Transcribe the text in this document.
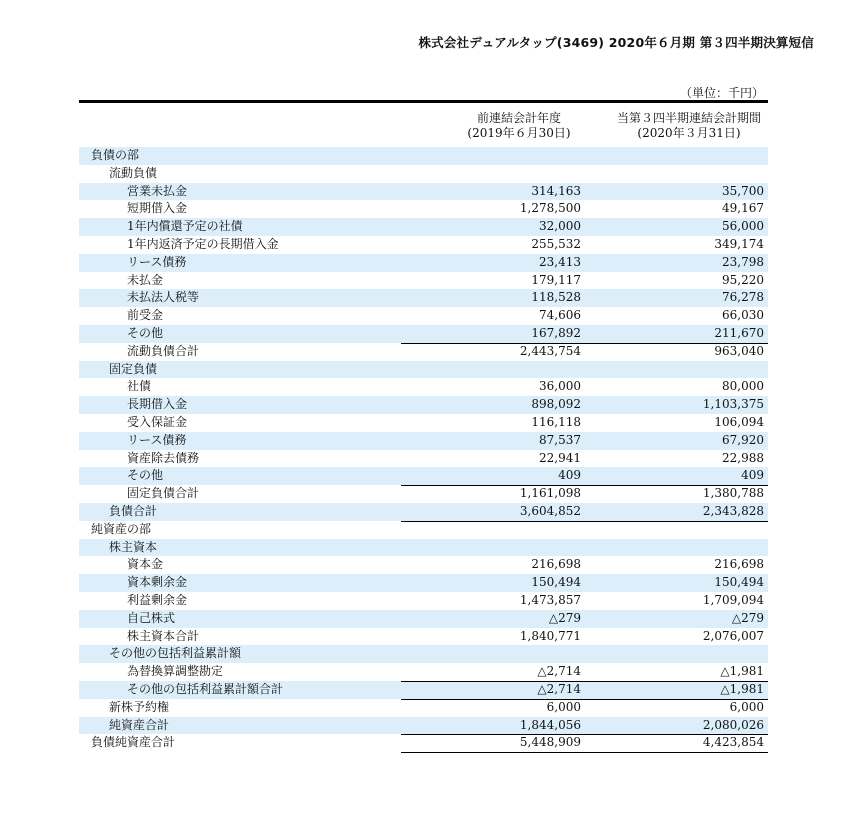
株式会社デュアルタップ(3469) 2020年６月期 第３四半期決算短信
（単位：千円）
前連結会計年度
(2019年６月30日)
当第３四半期連結会計期間
(2020年３月31日)
負債の部
流動負債
営業未払金	314,163	35,700
短期借入金	1,278,500	49,167
1年内償還予定の社債	32,000	56,000
1年内返済予定の長期借入金	255,532	349,174
リース債務	23,413	23,798
未払金	179,117	95,220
未払法人税等	118,528	76,278
前受金	74,606	66,030
その他	167,892	211,670
流動負債合計	2,443,754	963,040
固定負債
社債	36,000	80,000
長期借入金	898,092	1,103,375
受入保証金	116,118	106,094
リース債務	87,537	67,920
資産除去債務	22,941	22,988
その他	409	409
固定負債合計	1,161,098	1,380,788
負債合計	3,604,852	2,343,828
純資産の部
株主資本
資本金	216,698	216,698
資本剰余金	150,494	150,494
利益剰余金	1,473,857	1,709,094
自己株式	△279	△279
株主資本合計	1,840,771	2,076,007
その他の包括利益累計額
為替換算調整勘定	△2,714	△1,981
その他の包括利益累計額合計	△2,714	△1,981
新株予約権	6,000	6,000
純資産合計	1,844,056	2,080,026
負債純資産合計	5,448,909	4,423,854
